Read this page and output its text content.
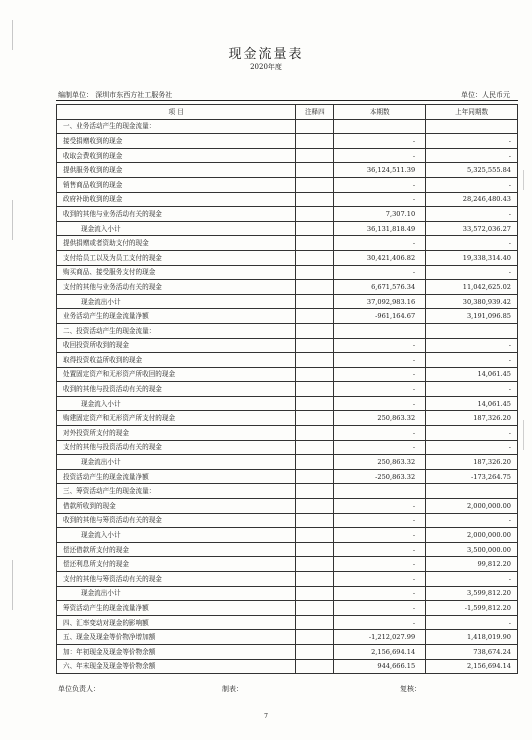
现金流量表
2020年度
编制单位： 深圳市东西方社工服务社	单位：人民币元
项 目	注释四	本期数	上年同期数
一、业务活动产生的现金流量：			
接受捐赠收到的现金		-	-
收取会费收到的现金		-	-
提供服务收到的现金		36,124,511.39	5,325,555.84
销售商品收到的现金		-	-
政府补助收到的现金		-	28,246,480.43
收到的其他与业务活动有关的现金		7,307.10	-
现金流入小计		36,131,818.49	33,572,036.27
提供捐赠或者资助支付的现金		-	-
支付给员工以及为员工支付的现金		30,421,406.82	19,338,314.40
购买商品、接受服务支付的现金		-	-
支付的其他与业务活动有关的现金		6,671,576.34	11,042,625.02
现金流出小计		37,092,983.16	30,380,939.42
业务活动产生的现金流量净额		-961,164.67	3,191,096.85
二、投资活动产生的现金流量：			
收回投资所收到的现金		-	-
取得投资收益所收到的现金		-	-
处置固定资产和无形资产所收回的现金		-	14,061.45
收到的其他与投资活动有关的现金		-	-
现金流入小计		-	14,061.45
购建固定资产和无形资产所支付的现金		250,863.32	187,326.20
对外投资所支付的现金		-	-
支付的其他与投资活动有关的现金		-	-
现金流出小计		250,863.32	187,326.20
投资活动产生的现金流量净额		-250,863.32	-173,264.75
三、筹资活动产生的现金流量：			
借款所收到的现金		-	2,000,000.00
收到的其他与筹资活动有关的现金		-	-
现金流入小计		-	2,000,000.00
偿还借款所支付的现金		-	3,500,000.00
偿还利息所支付的现金		-	99,812.20
支付的其他与筹资活动有关的现金		-	-
现金流出小计		-	3,599,812.20
筹资活动产生的现金流量净额		-	-1,599,812.20
四、汇率变动对现金的影响额		-	-
五、现金及现金等价物净增加额		-1,212,027.99	1,418,019.90
加：年初现金及现金等价物余额		2,156,694.14	738,674.24
六、年末现金及现金等价物余额		944,666.15	2,156,694.14
单位负责人：	制表：	复核：
7
